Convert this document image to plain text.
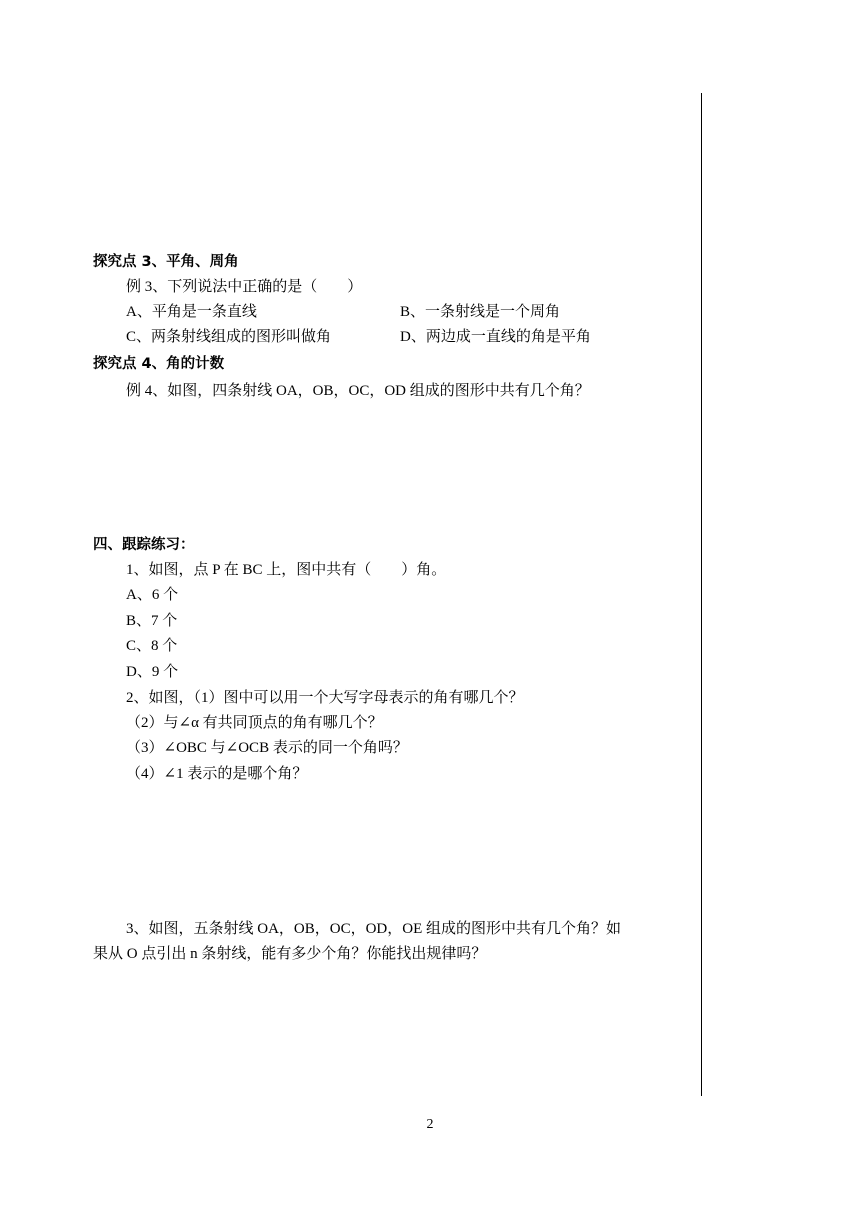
探究点 3、平角、周角
例 3、下列说法中正确的是（　　）
A、平角是一条直线	B、一条射线是一个周角
C、两条射线组成的图形叫做角	D、两边成一直线的角是平角
探究点 4、角的计数
例 4、如图，四条射线 OA，OB，OC，OD 组成的图形中共有几个角？
四、跟踪练习：
1、如图，点 P 在 BC 上，图中共有（　　）角。
A、6 个
B、7 个
C、8 个
D、9 个
2、如图，（1）图中可以用一个大写字母表示的角有哪几个？
（2）与∠α 有共同顶点的角有哪几个？
（3）∠OBC 与∠OCB 表示的同一个角吗？
（4）∠1 表示的是哪个角？
3、如图，五条射线 OA，OB，OC，OD，OE 组成的图形中共有几个角？如
果从 O 点引出 n 条射线，能有多少个角？你能找出规律吗？
2
